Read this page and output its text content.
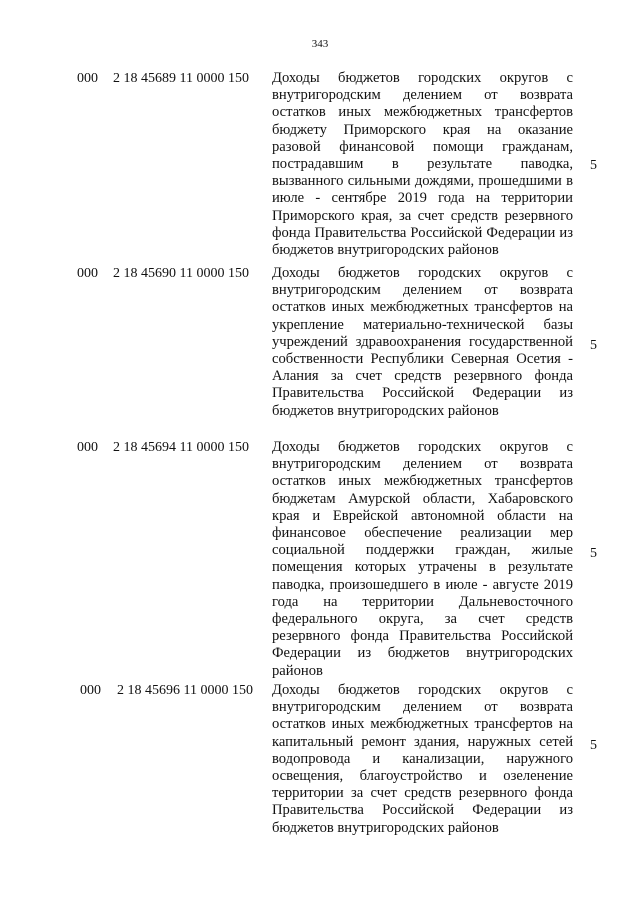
343
000 2 18 45689 11 0000 150 Доходы бюджетов городских округов с внутригородским делением от возврата остатков иных межбюджетных трансфертов бюджету Приморского края на оказание разовой финансовой помощи гражданам, пострадавшим в результате паводка, вызванного сильными дождями, прошедшими в июле - сентябре 2019 года на территории Приморского края, за счет средств резервного фонда Правительства Российской Федерации из бюджетов внутригородских районов
5
000 2 18 45690 11 0000 150 Доходы бюджетов городских округов с внутригородским делением от возврата остатков иных межбюджетных трансфертов на укрепление материально-технической базы учреждений здравоохранения государственной собственности Республики Северная Осетия - Алания за счет средств резервного фонда Правительства Российской Федерации из бюджетов внутригородских районов
5
000 2 18 45694 11 0000 150 Доходы бюджетов городских округов с внутригородским делением от возврата остатков иных межбюджетных трансфертов бюджетам Амурской области, Хабаровского края и Еврейской автономной области на финансовое обеспечение реализации мер социальной поддержки граждан, жилые помещения которых утрачены в результате паводка, произошедшего в июле - августе 2019 года на территории Дальневосточного федерального округа, за счет средств резервного фонда Правительства Российской Федерации из бюджетов внутригородских районов
5
000 2 18 45696 11 0000 150 Доходы бюджетов городских округов с внутригородским делением от возврата остатков иных межбюджетных трансфертов на капитальный ремонт здания, наружных сетей водопровода и канализации, наружного освещения, благоустройство и озеленение территории за счет средств резервного фонда Правительства Российской Федерации из бюджетов внутригородских районов
5
